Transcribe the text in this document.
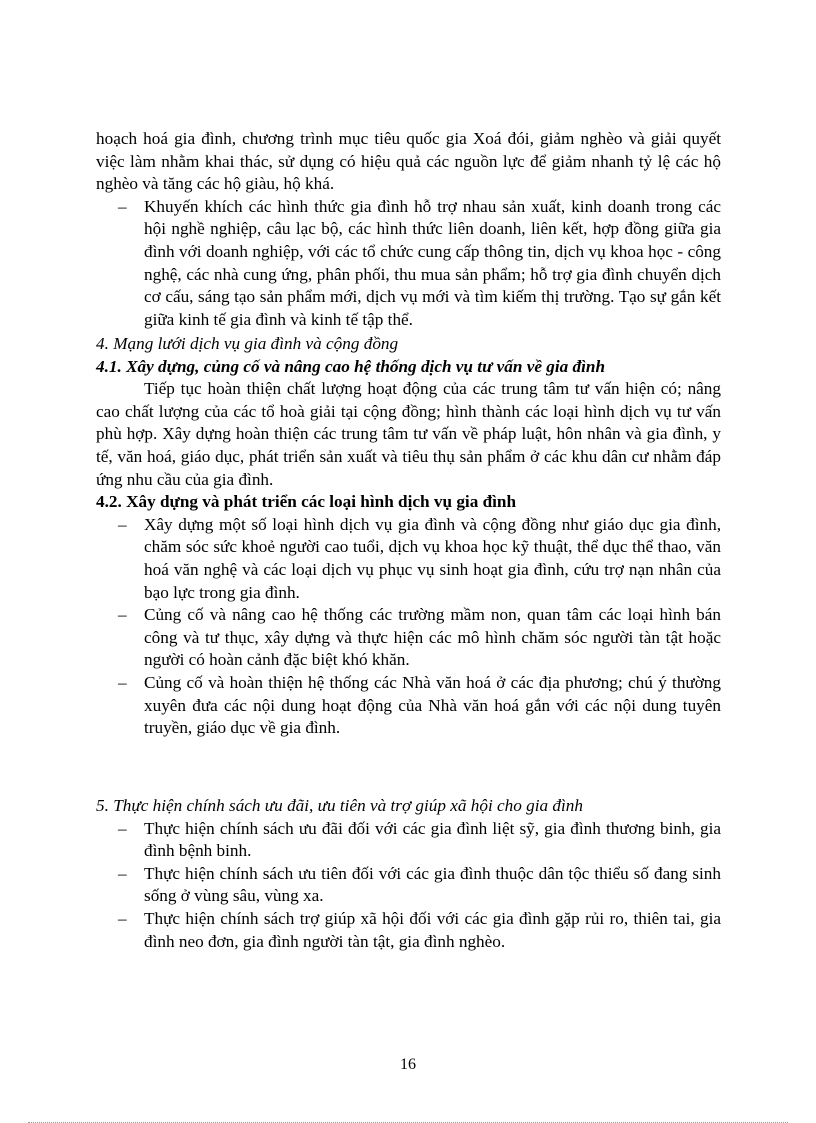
hoạch hoá gia đình, chương trình mục tiêu quốc gia Xoá đói, giảm nghèo và giải quyết việc làm nhằm khai thác, sử dụng có hiệu quả các nguồn lực để giảm nhanh tỷ lệ các hộ nghèo và tăng các hộ giàu, hộ khá.

– Khuyến khích các hình thức gia đình hỗ trợ nhau sản xuất, kinh doanh trong các hội nghề nghiệp, câu lạc bộ, các hình thức liên doanh, liên kết, hợp đồng giữa gia đình với doanh nghiệp, với các tổ chức cung cấp thông tin, dịch vụ khoa học - công nghệ, các nhà cung ứng, phân phối, thu mua sản phẩm; hỗ trợ gia đình chuyển dịch cơ cấu, sáng tạo sản phẩm mới, dịch vụ mới và tìm kiếm thị trường. Tạo sự gắn kết giữa kinh tế gia đình và kinh tế tập thể.

4. Mạng lưới dịch vụ gia đình và cộng đồng

4.1. Xây dựng, củng cố và nâng cao hệ thống dịch vụ tư vấn về gia đình

Tiếp tục hoàn thiện chất lượng hoạt động của các trung tâm tư vấn hiện có; nâng cao chất lượng của các tổ hoà giải tại cộng đồng; hình thành các loại hình dịch vụ tư vấn phù hợp. Xây dựng hoàn thiện các trung tâm tư vấn về pháp luật, hôn nhân và gia đình, y tế, văn hoá, giáo dục, phát triển sản xuất và tiêu thụ sản phẩm ở các khu dân cư nhằm đáp ứng nhu cầu của gia đình.

4.2. Xây dựng và phát triển các loại hình dịch vụ gia đình

– Xây dựng một số loại hình dịch vụ gia đình và cộng đồng như giáo dục gia đình, chăm sóc sức khoẻ người cao tuổi, dịch vụ khoa học kỹ thuật, thể dục thể thao, văn hoá văn nghệ và các loại dịch vụ phục vụ sinh hoạt gia đình, cứu trợ nạn nhân của bạo lực trong gia đình.
– Củng cố và nâng cao hệ thống các trường mầm non, quan tâm các loại hình bán công và tư thục, xây dựng và thực hiện các mô hình chăm sóc người tàn tật hoặc người có hoàn cảnh đặc biệt khó khăn.
– Củng cố và hoàn thiện hệ thống các Nhà văn hoá ở các địa phương; chú ý thường xuyên đưa các nội dung hoạt động của Nhà văn hoá gắn với các nội dung tuyên truyền, giáo dục về gia đình.

5. Thực hiện chính sách ưu đãi, ưu tiên và trợ giúp xã hội cho gia đình

– Thực hiện chính sách ưu đãi đối với các gia đình liệt sỹ, gia đình thương binh, gia đình bệnh binh.
– Thực hiện chính sách ưu tiên đối với các gia đình thuộc dân tộc thiểu số đang sinh sống ở vùng sâu, vùng xa.
– Thực hiện chính sách trợ giúp xã hội đối với các gia đình gặp rủi ro, thiên tai, gia đình neo đơn, gia đình người tàn tật, gia đình nghèo.
16
